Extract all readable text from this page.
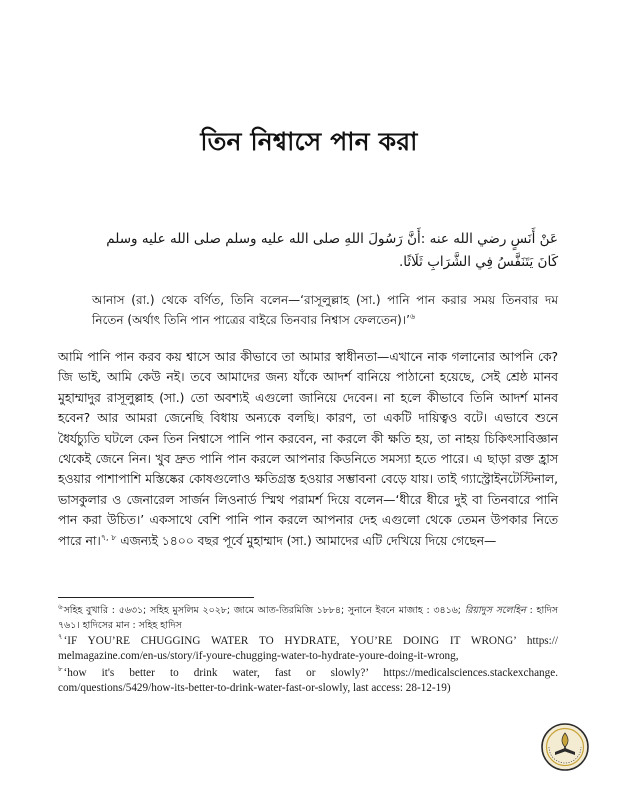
তিন নিশ্বাসে পান করা
عَنْ أَنَسٍ رضي الله عنه :أَنَّ رَسُولَ اللهِ صلى الله عليه وسلم صلى الله عليه وسلم
كَانَ يَتَنَفَّسُ فِي الشَّرَابِ ثَلَاثًا.
আনাস (রা.) থেকে বর্ণিত, তিনি বলেন—‘রাসূলুল্লাহ (সা.) পানি পান করার সময় তিনবার দম নিতেন (অর্থাৎ তিনি পান পাত্রের বাইরে তিনবার নিশ্বাস ফেলতেন)।’$^৬$
আমি পানি পান করব কয় শ্বাসে আর কীভাবে তা আমার স্বাধীনতা—এখানে নাক গলানোর আপনি কে? জি ভাই, আমি কেউ নই। তবে আমাদের জন্য যাঁকে আদর্শ বানিয়ে পাঠানো হয়েছে, সেই শ্রেষ্ঠ মানব মুহাম্মাদুর রাসূলুল্লাহ (সা.) তো অবশ্যই এগুলো জানিয়ে দেবেন। না হলে কীভাবে তিনি আদর্শ মানব হবেন? আর আমরা জেনেছি বিধায় অন্যকে বলছি। কারণ, তা একটি দায়িত্বও বটে। এভাবে শুনে ধৈর্যচ্যুতি ঘটলে কেন তিন নিশ্বাসে পানি পান করবেন, না করলে কী ক্ষতি হয়, তা নাহয় চিকিৎসাবিজ্ঞান থেকেই জেনে নিন। খুব দ্রুত পানি পান করলে আপনার কিডনিতে সমস্যা হতে পারে। এ ছাড়া রক্ত হ্রাস হওয়ার পাশাপাশি মস্তিষ্কের কোষগুলোও ক্ষতিগ্রস্ত হওয়ার সম্ভাবনা বেড়ে যায়। তাই গ্যাস্ট্রোইনটেস্টিনাল, ভাসকুলার ও জেনারেল সার্জন লিওনার্ড স্মিথ পরামর্শ দিয়ে বলেন—‘ধীরে ধীরে দুই বা তিনবারে পানি পান করা উচিত।’ একসাথে বেশি পানি পান করলে আপনার দেহ এগুলো থেকে তেমন উপকার নিতে পারে না।$^{৭, ৮}$ এজন্যই ১৪০০ বছর পূর্বে মুহাম্মাদ (সা.) আমাদের এটি দেখিয়ে দিয়ে গেছেন—
$^৬$সহিহ বুখারি : ৫৬৩১; সহিহ মুসলিম ২০২৮; জামে আত-তিরমিজি ১৮৮৪; সুনানে ইবনে মাজাহ : ৩৪১৬; রিয়াদুস সলেহিন : হাদিস ৭৬১। হাদিসের মান : সহিহ হাদিস
$^৭$‘IF YOU’RE CHUGGING WATER TO HYDRATE, YOU’RE DOING IT WRONG’ https:// melmagazine.com/en-us/story/if-youre-chugging-water-to-hydrate-youre-doing-it-wrong,
$^৮$‘how it's better to drink water, fast or slowly?’ https://medicalsciences.stackexchange. com/questions/5429/how-its-better-to-drink-water-fast-or-slowly, last access: 28-12-19)
